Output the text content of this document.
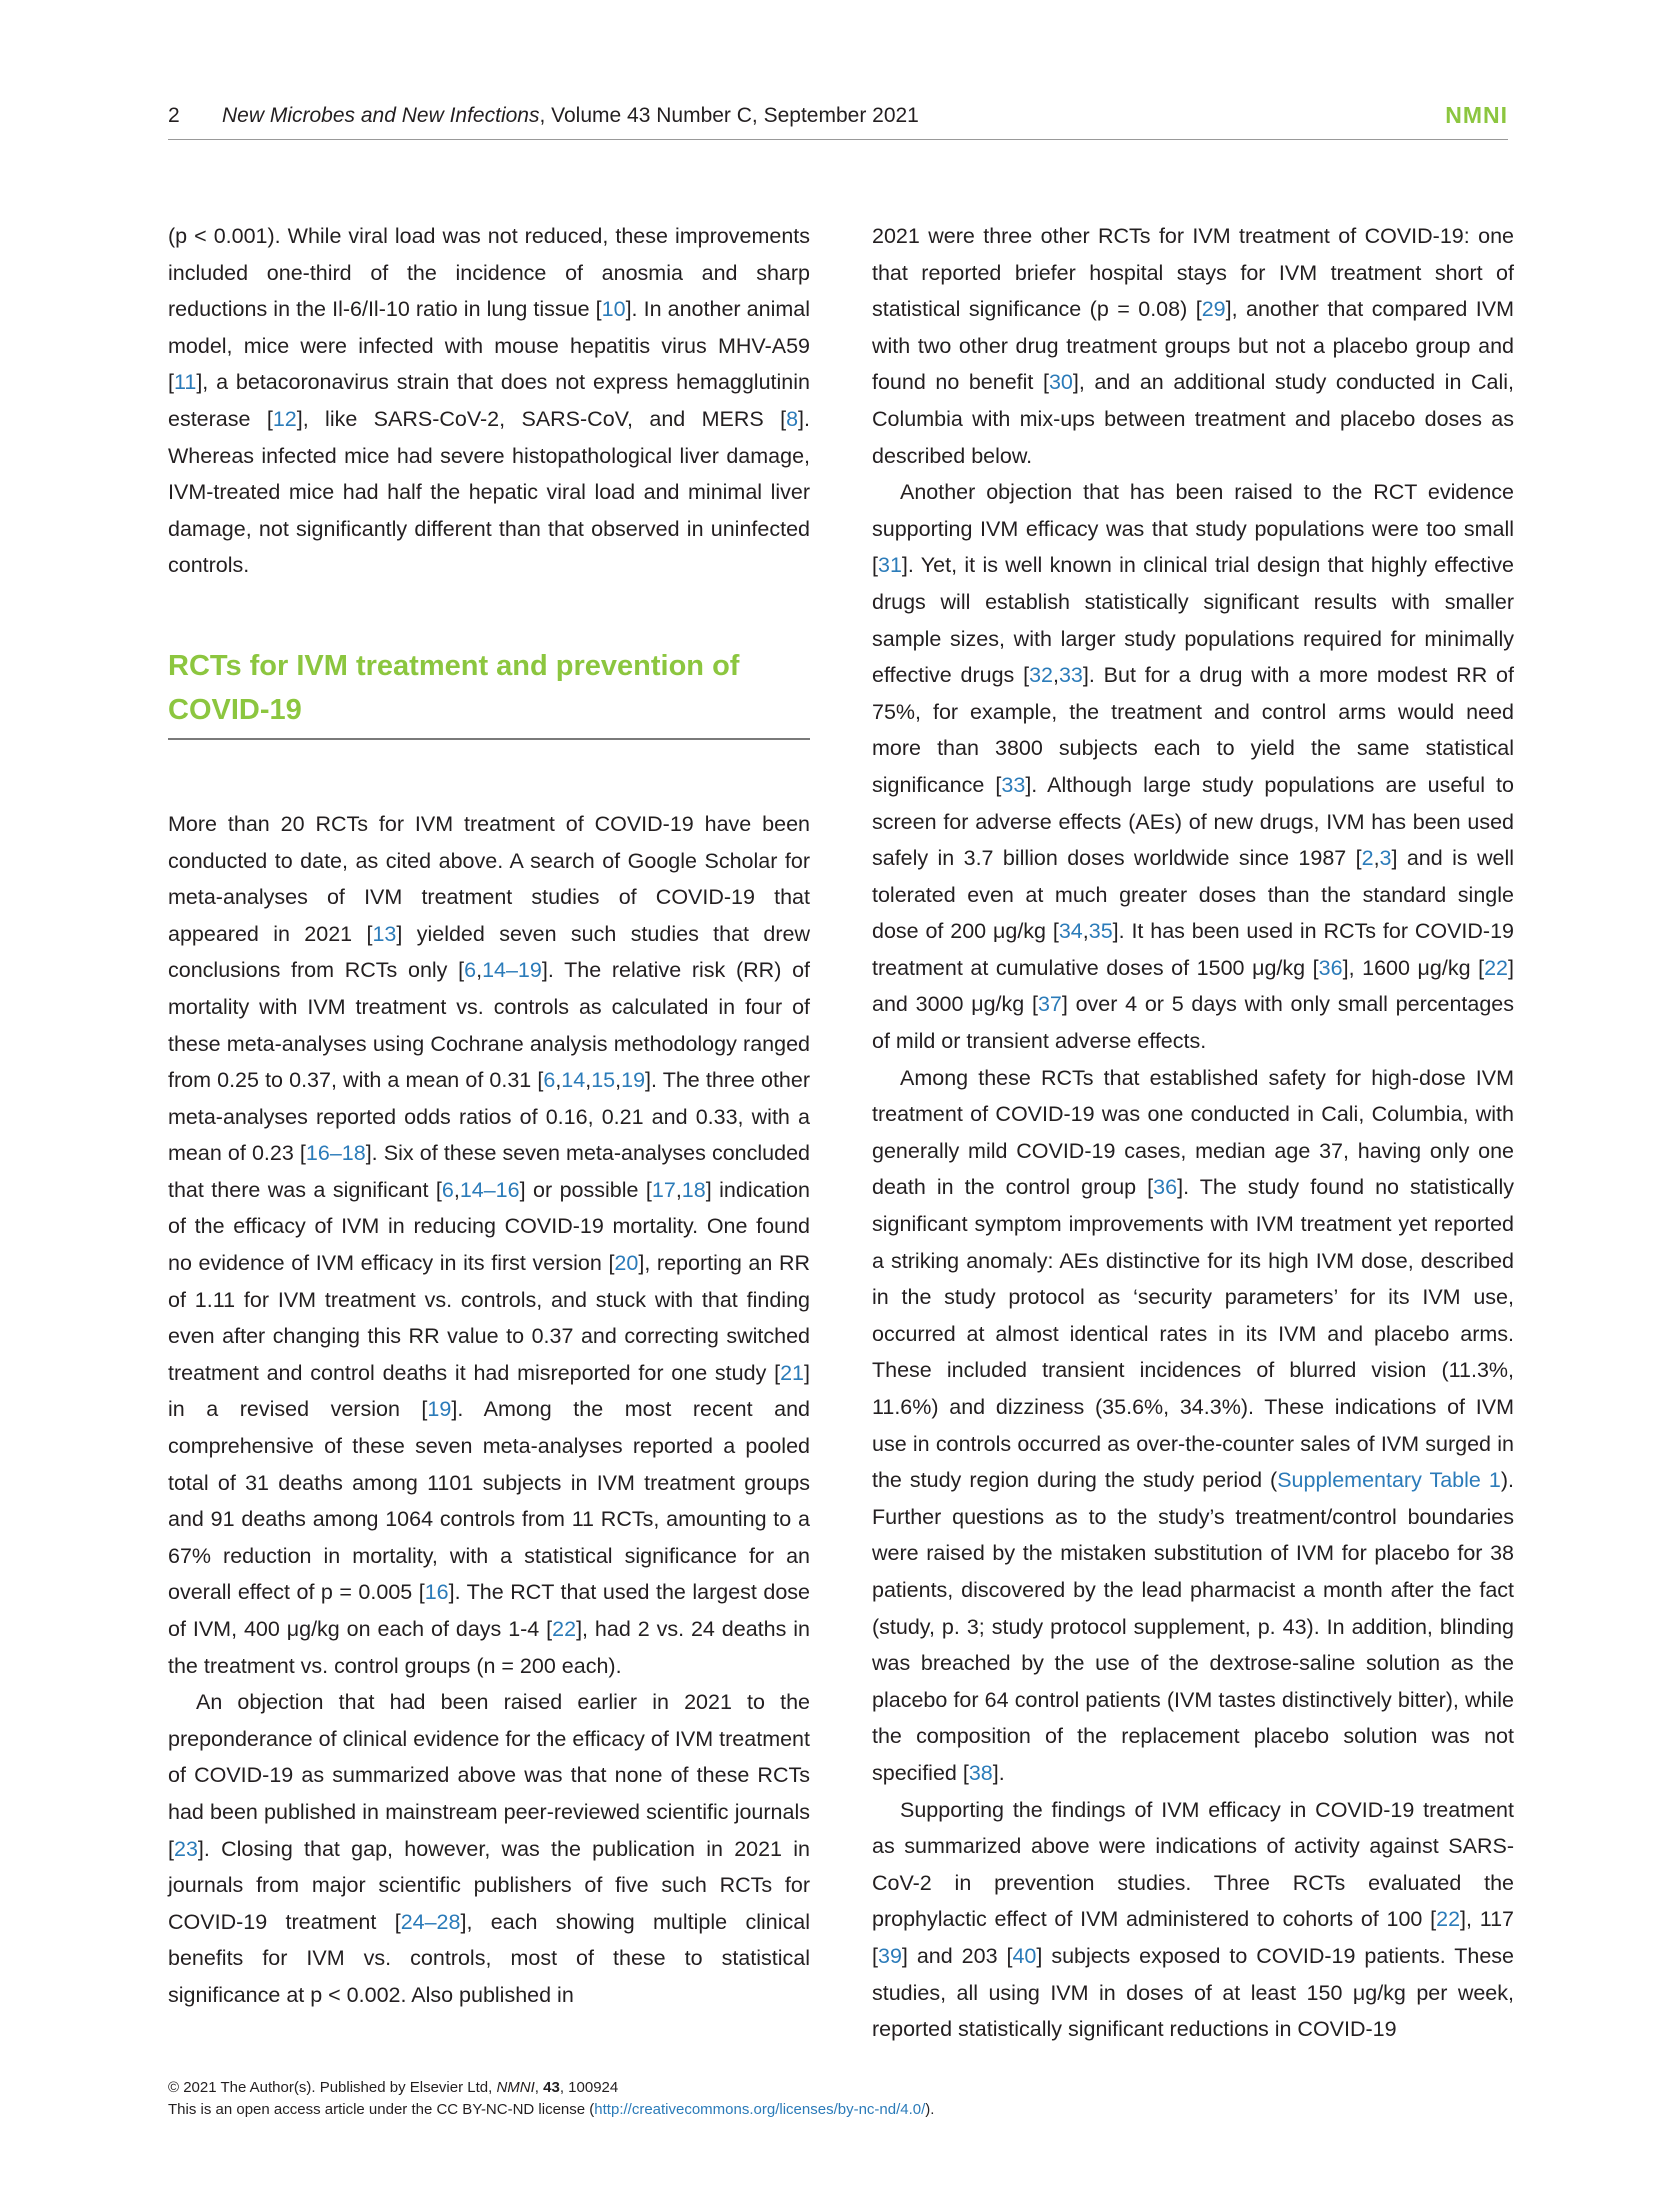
2 New Microbes and New Infections, Volume 43 Number C, September 2021	NMNI

(p < 0.001). While viral load was not reduced, these improvements included one-third of the incidence of anosmia and sharp reductions in the Il-6/Il-10 ratio in lung tissue [10]. In another animal model, mice were infected with mouse hepatitis virus MHV-A59 [11], a betacoronavirus strain that does not express hemagglutinin esterase [12], like SARS-CoV-2, SARS-CoV, and MERS [8]. Whereas infected mice had severe histopathological liver damage, IVM-treated mice had half the hepatic viral load and minimal liver damage, not significantly different than that observed in uninfected controls.

RCTs for IVM treatment and prevention of COVID-19

More than 20 RCTs for IVM treatment of COVID-19 have been conducted to date, as cited above. A search of Google Scholar for meta-analyses of IVM treatment studies of COVID-19 that appeared in 2021 [13] yielded seven such studies that drew conclusions from RCTs only [6,14–19]. The relative risk (RR) of mortality with IVM treatment vs. controls as calculated in four of these meta-analyses using Cochrane analysis methodology ranged from 0.25 to 0.37, with a mean of 0.31 [6,14,15,19]. The three other meta-analyses reported odds ratios of 0.16, 0.21 and 0.33, with a mean of 0.23 [16–18]. Six of these seven meta-analyses concluded that there was a significant [6,14–16] or possible [17,18] indication of the efficacy of IVM in reducing COVID-19 mortality. One found no evidence of IVM efficacy in its first version [20], reporting an RR of 1.11 for IVM treatment vs. controls, and stuck with that finding even after changing this RR value to 0.37 and correcting switched treatment and control deaths it had misreported for one study [21] in a revised version [19]. Among the most recent and comprehensive of these seven meta-analyses reported a pooled total of 31 deaths among 1101 subjects in IVM treatment groups and 91 deaths among 1064 controls from 11 RCTs, amounting to a 67% reduction in mortality, with a statistical significance for an overall effect of p = 0.005 [16]. The RCT that used the largest dose of IVM, 400 μg/kg on each of days 1-4 [22], had 2 vs. 24 deaths in the treatment vs. control groups (n = 200 each).

An objection that had been raised earlier in 2021 to the preponderance of clinical evidence for the efficacy of IVM treatment of COVID-19 as summarized above was that none of these RCTs had been published in mainstream peer-reviewed scientific journals [23]. Closing that gap, however, was the publication in 2021 in journals from major scientific publishers of five such RCTs for COVID-19 treatment [24–28], each showing multiple clinical benefits for IVM vs. controls, most of these to statistical significance at p < 0.002. Also published in

2021 were three other RCTs for IVM treatment of COVID-19: one that reported briefer hospital stays for IVM treatment short of statistical significance (p = 0.08) [29], another that compared IVM with two other drug treatment groups but not a placebo group and found no benefit [30], and an additional study conducted in Cali, Columbia with mix-ups between treatment and placebo doses as described below.

Another objection that has been raised to the RCT evidence supporting IVM efficacy was that study populations were too small [31]. Yet, it is well known in clinical trial design that highly effective drugs will establish statistically significant results with smaller sample sizes, with larger study populations required for minimally effective drugs [32,33]. But for a drug with a more modest RR of 75%, for example, the treatment and control arms would need more than 3800 subjects each to yield the same statistical significance [33]. Although large study populations are useful to screen for adverse effects (AEs) of new drugs, IVM has been used safely in 3.7 billion doses worldwide since 1987 [2,3] and is well tolerated even at much greater doses than the standard single dose of 200 μg/kg [34,35]. It has been used in RCTs for COVID-19 treatment at cumulative doses of 1500 μg/kg [36], 1600 μg/kg [22] and 3000 μg/kg [37] over 4 or 5 days with only small percentages of mild or transient adverse effects.

Among these RCTs that established safety for high-dose IVM treatment of COVID-19 was one conducted in Cali, Columbia, with generally mild COVID-19 cases, median age 37, having only one death in the control group [36]. The study found no statistically significant symptom improvements with IVM treatment yet reported a striking anomaly: AEs distinctive for its high IVM dose, described in the study protocol as ‘security parameters’ for its IVM use, occurred at almost identical rates in its IVM and placebo arms. These included transient incidences of blurred vision (11.3%, 11.6%) and dizziness (35.6%, 34.3%). These indications of IVM use in controls occurred as over-the-counter sales of IVM surged in the study region during the study period (Supplementary Table 1). Further questions as to the study’s treatment/control boundaries were raised by the mistaken substitution of IVM for placebo for 38 patients, discovered by the lead pharmacist a month after the fact (study, p. 3; study protocol supplement, p. 43). In addition, blinding was breached by the use of the dextrose-saline solution as the placebo for 64 control patients (IVM tastes distinctively bitter), while the composition of the replacement placebo solution was not specified [38].

Supporting the findings of IVM efficacy in COVID-19 treatment as summarized above were indications of activity against SARS-CoV-2 in prevention studies. Three RCTs evaluated the prophylactic effect of IVM administered to cohorts of 100 [22], 117 [39] and 203 [40] subjects exposed to COVID-19 patients. These studies, all using IVM in doses of at least 150 μg/kg per week, reported statistically significant reductions in COVID-19

© 2021 The Author(s). Published by Elsevier Ltd, NMNI, 43, 100924
This is an open access article under the CC BY-NC-ND license (http://creativecommons.org/licenses/by-nc-nd/4.0/).
